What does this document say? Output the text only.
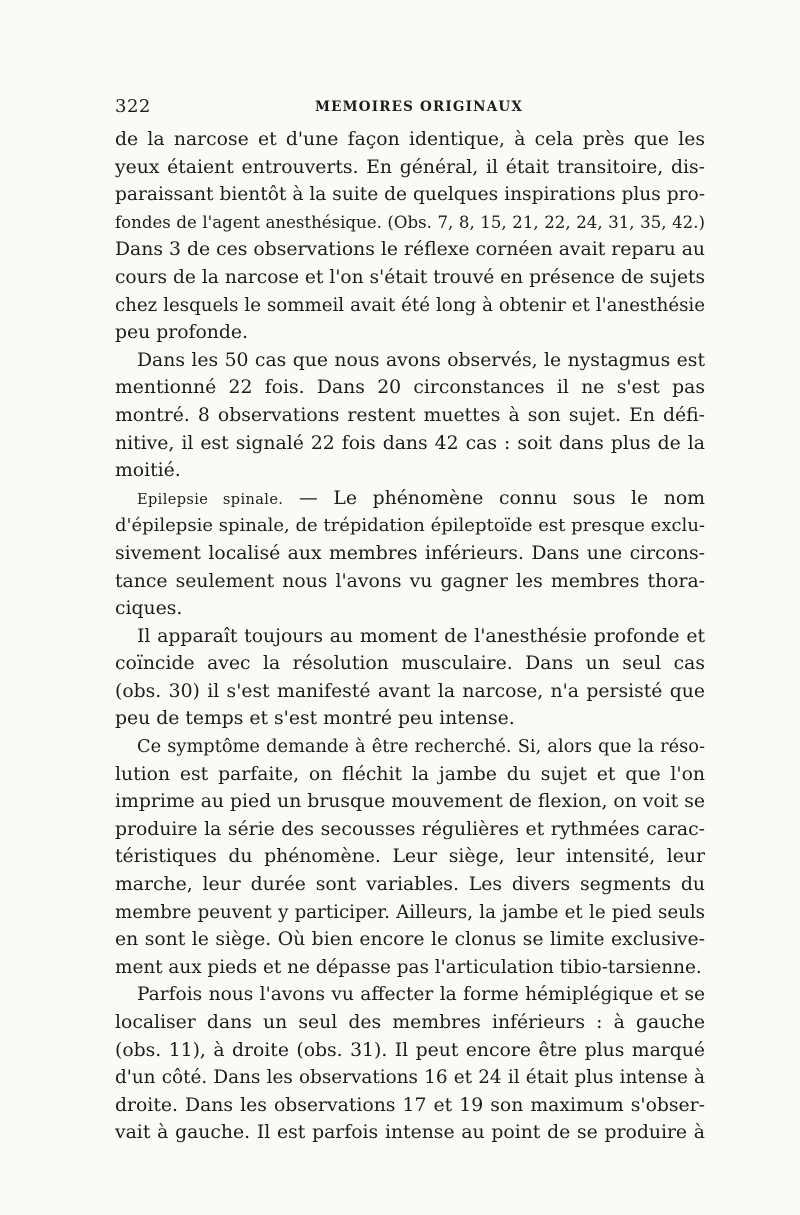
322	MEMOIRES ORIGINAUX
de la narcose et d'une façon identique, à cela près que les
yeux étaient entrouverts. En général, il était transitoire, dis-
paraissant bientôt à la suite de quelques inspirations plus pro-
fondes de l'agent anesthésique. (Obs. 7, 8, 15, 21, 22, 24, 31, 35, 42.)
Dans 3 de ces observations le réflexe cornéen avait reparu au
cours de la narcose et l'on s'était trouvé en présence de sujets
chez lesquels le sommeil avait été long à obtenir et l'anesthésie
peu profonde.
Dans les 50 cas que nous avons observés, le nystagmus est
mentionné 22 fois. Dans 20 circonstances il ne s'est pas
montré. 8 observations restent muettes à son sujet. En défi-
nitive, il est signalé 22 fois dans 42 cas : soit dans plus de la
moitié.
Epilepsie spinale. — Le phénomène connu sous le nom
d'épilepsie spinale, de trépidation épileptoïde est presque exclu-
sivement localisé aux membres inférieurs. Dans une circons-
tance seulement nous l'avons vu gagner les membres thora-
ciques.
Il apparaît toujours au moment de l'anesthésie profonde et
coïncide avec la résolution musculaire. Dans un seul cas
(obs. 30) il s'est manifesté avant la narcose, n'a persisté que
peu de temps et s'est montré peu intense.
Ce symptôme demande à être recherché. Si, alors que la réso-
lution est parfaite, on fléchit la jambe du sujet et que l'on
imprime au pied un brusque mouvement de flexion, on voit se
produire la série des secousses régulières et rythmées carac-
téristiques du phénomène. Leur siège, leur intensité, leur
marche, leur durée sont variables. Les divers segments du
membre peuvent y participer. Ailleurs, la jambe et le pied seuls
en sont le siège. Où bien encore le clonus se limite exclusive-
ment aux pieds et ne dépasse pas l'articulation tibio-tarsienne.
Parfois nous l'avons vu affecter la forme hémiplégique et se
localiser dans un seul des membres inférieurs : à gauche
(obs. 11), à droite (obs. 31). Il peut encore être plus marqué
d'un côté. Dans les observations 16 et 24 il était plus intense à
droite. Dans les observations 17 et 19 son maximum s'obser-
vait à gauche. Il est parfois intense au point de se produire à
